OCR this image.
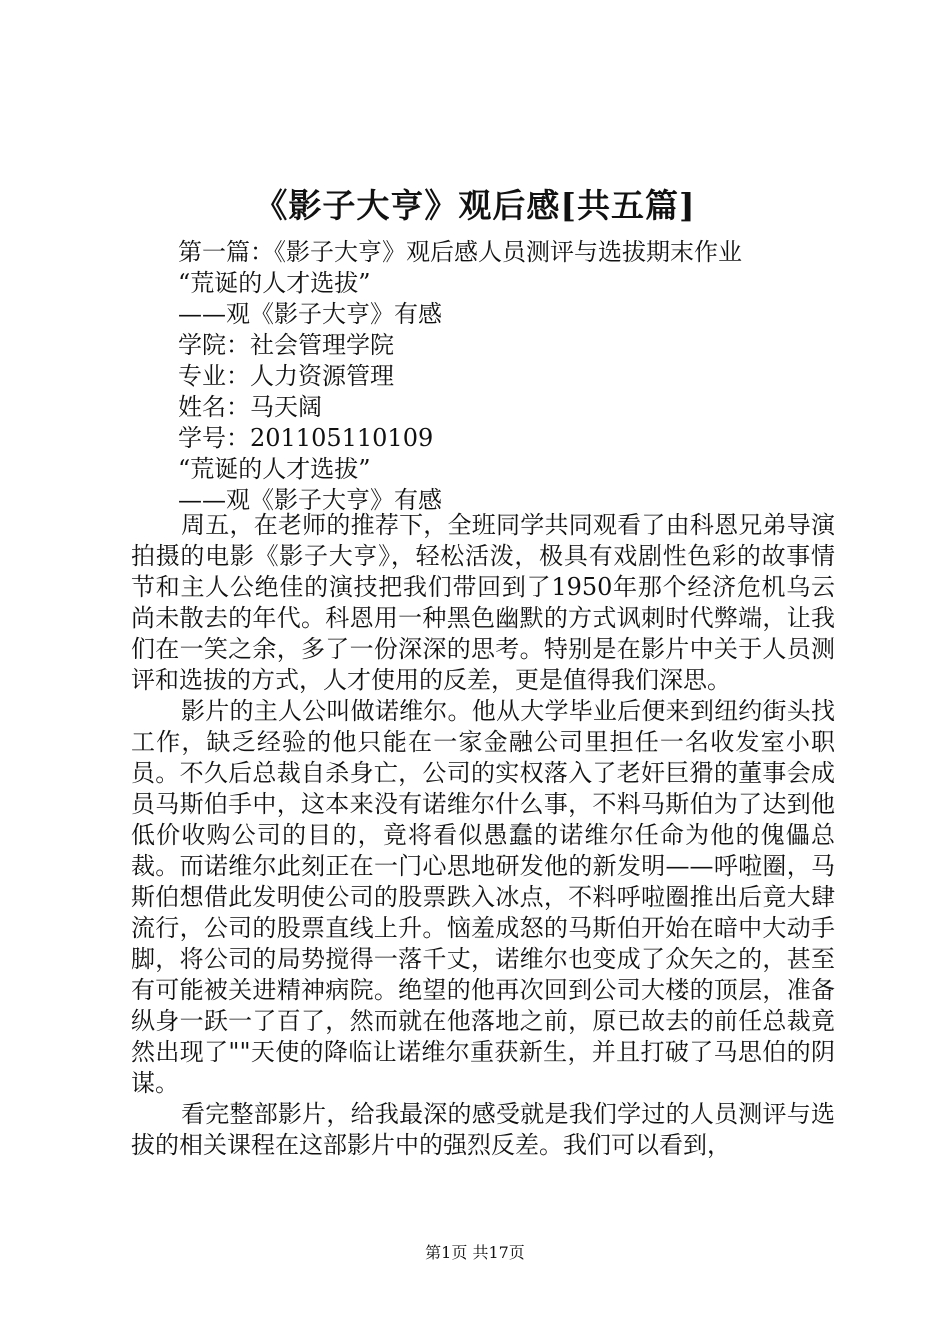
《影子大亨》观后感[共五篇]
第一篇：《影子大亨》观后感人员测评与选拔期末作业
“荒诞的人才选拔”
——观《影子大亨》有感
学院：社会管理学院
专业：人力资源管理
姓名：马天阔
学号：201105110109
“荒诞的人才选拔”
——观《影子大亨》有感

周五，在老师的推荐下，全班同学共同观看了由科恩兄弟导演拍摄的电影《影子大亨》，轻松活泼，极具有戏剧性色彩的故事情节和主人公绝佳的演技把我们带回到了1950年那个经济危机乌云尚未散去的年代。科恩用一种黑色幽默的方式讽刺时代弊端，让我们在一笑之余，多了一份深深的思考。特别是在影片中关于人员测评和选拔的方式，人才使用的反差，更是值得我们深思。

影片的主人公叫做诺维尔。他从大学毕业后便来到纽约街头找工作，缺乏经验的他只能在一家金融公司里担任一名收发室小职员。不久后总裁自杀身亡，公司的实权落入了老奸巨猾的董事会成员马斯伯手中，这本来没有诺维尔什么事，不料马斯伯为了达到他低价收购公司的目的，竟将看似愚蠢的诺维尔任命为他的傀儡总裁。而诺维尔此刻正在一门心思地研发他的新发明——呼啦圈，马斯伯想借此发明使公司的股票跌入冰点，不料呼啦圈推出后竟大肆流行，公司的股票直线上升。恼羞成怒的马斯伯开始在暗中大动手脚，将公司的局势搅得一落千丈，诺维尔也变成了众矢之的，甚至有可能被关进精神病院。绝望的他再次回到公司大楼的顶层，准备纵身一跃一了百了，然而就在他落地之前，原已故去的前任总裁竟然出现了""天使的降临让诺维尔重获新生，并且打破了马思伯的阴谋。

看完整部影片，给我最深的感受就是我们学过的人员测评与选拔的相关课程在这部影片中的强烈反差。我们可以看到，

第1页 共17页
